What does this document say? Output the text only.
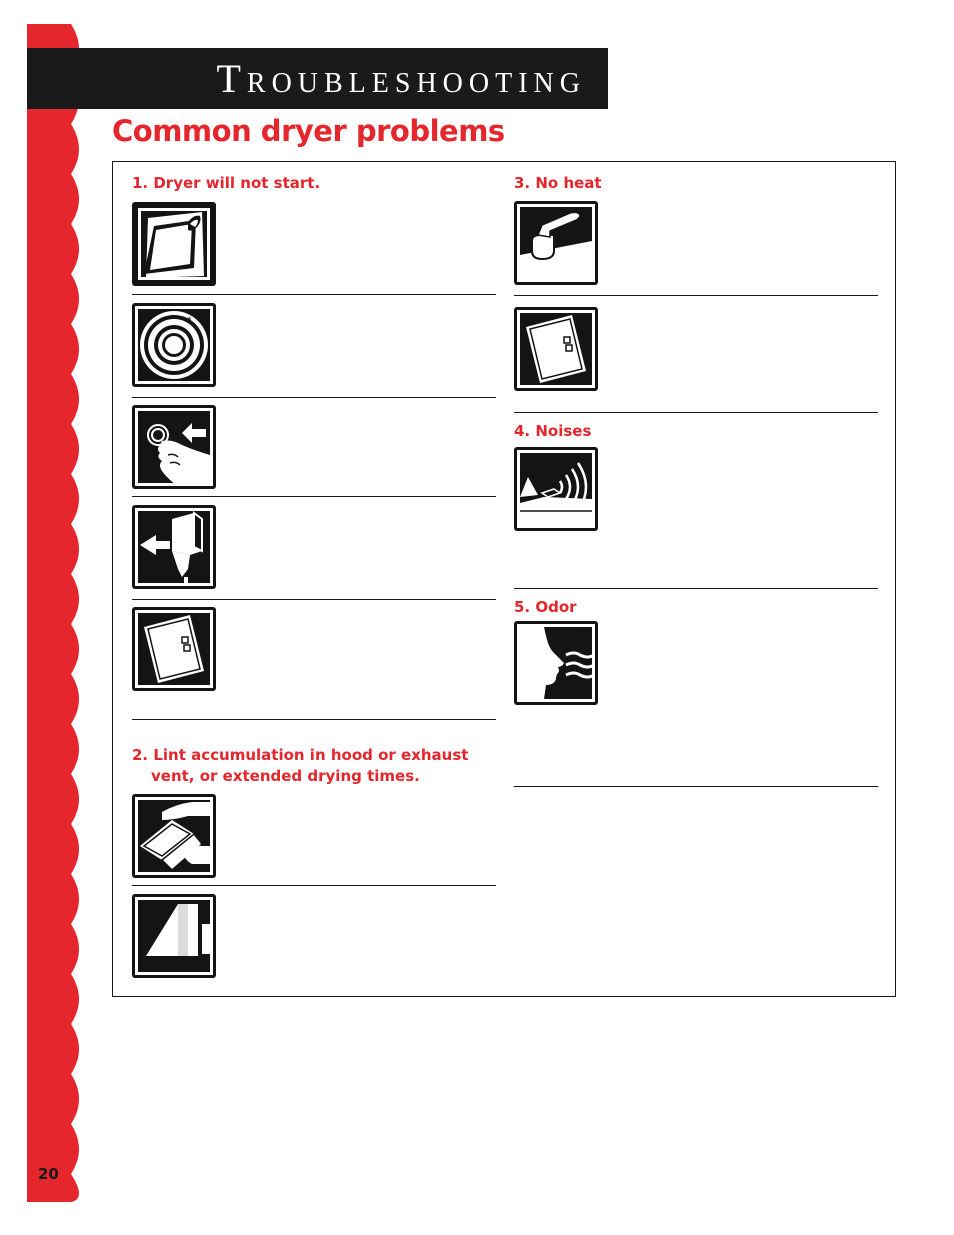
20
Troubleshooting
Common dryer problems
1. Dryer will not start.
*
2. Lint accumulation in hood or exhaust
vent, or extended drying times.
3. No heat
4. Noises
5. Odor
